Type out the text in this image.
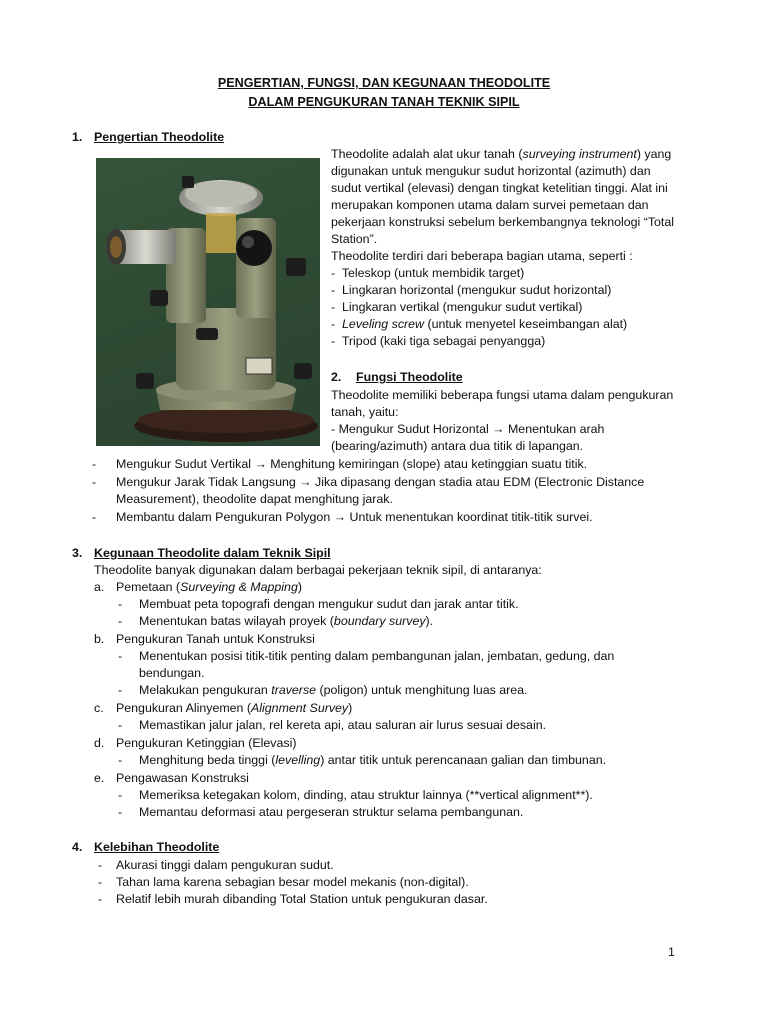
PENGERTIAN, FUNGSI, DAN KEGUNAAN THEODOLITE
DALAM PENGUKURAN TANAH TEKNIK SIPIL
1. Pengertian Theodolite
Theodolite adalah alat ukur tanah (surveying instrument) yang
digunakan untuk mengukur sudut horizontal (azimuth) dan
sudut vertikal (elevasi) dengan tingkat ketelitian tinggi. Alat ini
merupakan komponen utama dalam survei pemetaan dan
pekerjaan konstruksi sebelum berkembangnya teknologi “Total
Station”.
Theodolite terdiri dari beberapa bagian utama, seperti :
- Teleskop (untuk membidik target)
- Lingkaran horizontal (mengukur sudut horizontal)
- Lingkaran vertikal (mengukur sudut vertikal)
- Leveling screw (untuk menyetel keseimbangan alat)
- Tripod (kaki tiga sebagai penyangga)
2. Fungsi Theodolite
Theodolite memiliki beberapa fungsi utama dalam pengukuran
tanah, yaitu:
- Mengukur Sudut Horizontal → Menentukan arah
(bearing/azimuth) antara dua titik di lapangan.
- Mengukur Sudut Vertikal → Menghitung kemiringan (slope) atau ketinggian suatu titik.
- Mengukur Jarak Tidak Langsung → Jika dipasang dengan stadia atau EDM (Electronic Distance
Measurement), theodolite dapat menghitung jarak.
- Membantu dalam Pengukuran Polygon → Untuk menentukan koordinat titik-titik survei.
3. Kegunaan Theodolite dalam Teknik Sipil
Theodolite banyak digunakan dalam berbagai pekerjaan teknik sipil, di antaranya:
a. Pemetaan (Surveying & Mapping)
- Membuat peta topografi dengan mengukur sudut dan jarak antar titik.
- Menentukan batas wilayah proyek (boundary survey).
b. Pengukuran Tanah untuk Konstruksi
- Menentukan posisi titik-titik penting dalam pembangunan jalan, jembatan, gedung, dan
bendungan.
- Melakukan pengukuran traverse (poligon) untuk menghitung luas area.
c. Pengukuran Alinyemen (Alignment Survey)
- Memastikan jalur jalan, rel kereta api, atau saluran air lurus sesuai desain.
d. Pengukuran Ketinggian (Elevasi)
- Menghitung beda tinggi (levelling) antar titik untuk perencanaan galian dan timbunan.
e. Pengawasan Konstruksi
- Memeriksa ketegakan kolom, dinding, atau struktur lainnya (**vertical alignment**).
- Memantau deformasi atau pergeseran struktur selama pembangunan.
4. Kelebihan Theodolite
- Akurasi tinggi dalam pengukuran sudut.
- Tahan lama karena sebagian besar model mekanis (non-digital).
- Relatif lebih murah dibanding Total Station untuk pengukuran dasar.
1
